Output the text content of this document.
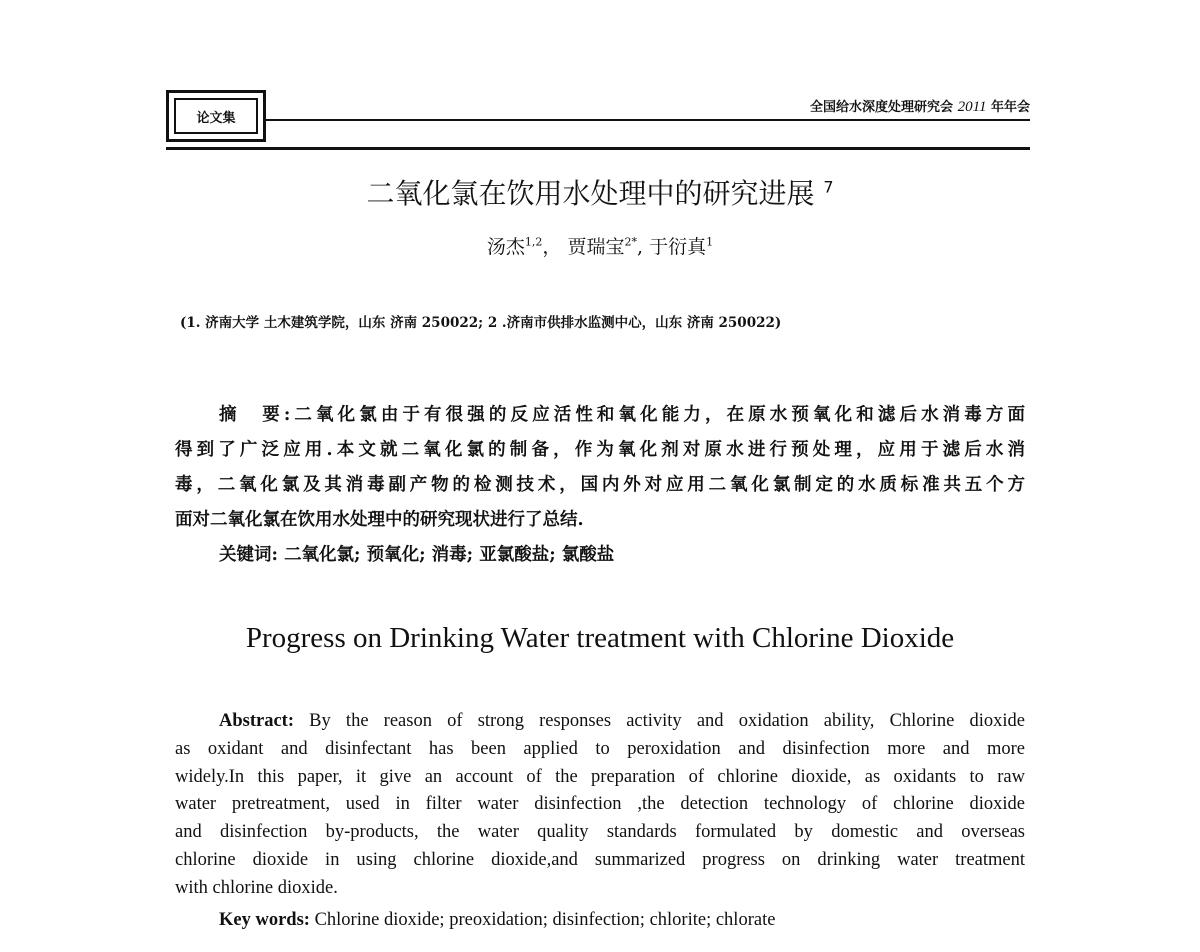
论文集
全国给水深度处理研究会 2011 年年会
二氧化氯在饮用水处理中的研究进展 $^7$
汤杰$^{1,2}$， 贾瑞宝$^{2*}$, 于衍真$^1$
(1. 济南大学 土木建筑学院，山东 济南 250022; 2 .济南市供排水监测中心，山东 济南 250022)
摘　要:二氧化氯由于有很强的反应活性和氧化能力，在原水预氧化和滤后水消毒方面
得到了广泛应用.本文就二氧化氯的制备，作为氧化剂对原水进行预处理，应用于滤后水消
毒，二氧化氯及其消毒副产物的检测技术，国内外对应用二氧化氯制定的水质标准共五个方
面对二氧化氯在饮用水处理中的研究现状进行了总结.
关键词: 二氧化氯; 预氧化; 消毒; 亚氯酸盐; 氯酸盐
Progress on Drinking Water treatment with Chlorine Dioxide
Abstract: By the reason of strong responses activity and oxidation ability, Chlorine dioxide
as oxidant and disinfectant has been applied to peroxidation and disinfection more and more
widely.In this paper, it give an account of the preparation of chlorine dioxide, as oxidants to raw
water pretreatment, used in filter water disinfection ,the detection technology of chlorine dioxide
and disinfection by-products, the water quality standards formulated by domestic and overseas
chlorine dioxide in using chlorine dioxide,and summarized progress on drinking water treatment
with chlorine dioxide.
Key words: Chlorine dioxide; preoxidation; disinfection; chlorite; chlorate
